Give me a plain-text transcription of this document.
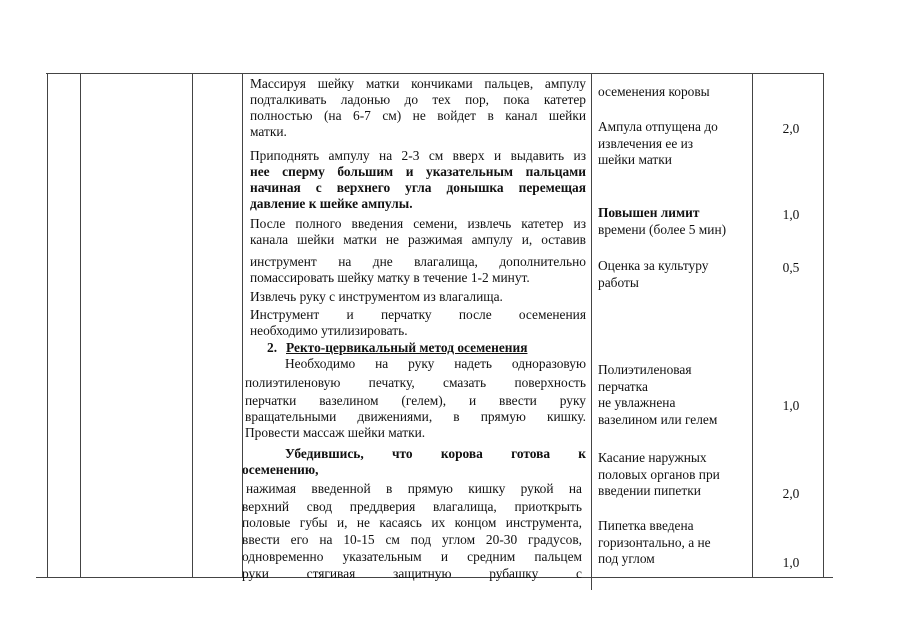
Массируя шейку матки кончиками пальцев, ампулу
подталкивать ладонью до тех пор, пока катетер
полностью (на 6-7 см) не войдет в канал шейки
матки.
Приподнять ампулу на 2-3 см вверх и выдавить из
нее сперму большим и указательным пальцами
начиная с верхнего угла донышка перемещая
давление к шейке ампулы.
После полного введения семени, извлечь катетер из
канала шейки матки не разжимая ампулу и, оставив
инструмент на дне влагалища, дополнительно
помассировать шейку матку в течение 1-2 минут.
Извлечь руку с инструментом из влагалища.
Инструмент и перчатку после осеменения
необходимо утилизировать.
2. Ректо-цервикальный метод осеменения
Необходимо на руку надеть одноразовую
полиэтиленовую печатку, смазать поверхность
перчатки вазелином (гелем), и ввести руку
вращательными движениями, в прямую кишку.
Провести массаж шейки матки.
Убедившись, что корова готова к
осеменению,
нажимая введенной в прямую кишку рукой на
верхний свод преддверия влагалища, приоткрыть
половые губы и, не касаясь их концом инструмента,
ввести его на 10-15 см под углом 20-30 градусов,
одновременно указательным и средним пальцем
руки стягивая защитную рубашку с
осеменения коровы
Ампула отпущена до
извлечения ее из
шейки матки
Повышен лимит
времени (более 5 мин)
Оценка за культуру
работы
Полиэтиленовая
перчатка
не увлажнена
вазелином или гелем
Касание наружных
половых органов при
введении пипетки
Пипетка введена
горизонтально, а не
под углом
2,0
1,0
0,5
1,0
2,0
1,0
